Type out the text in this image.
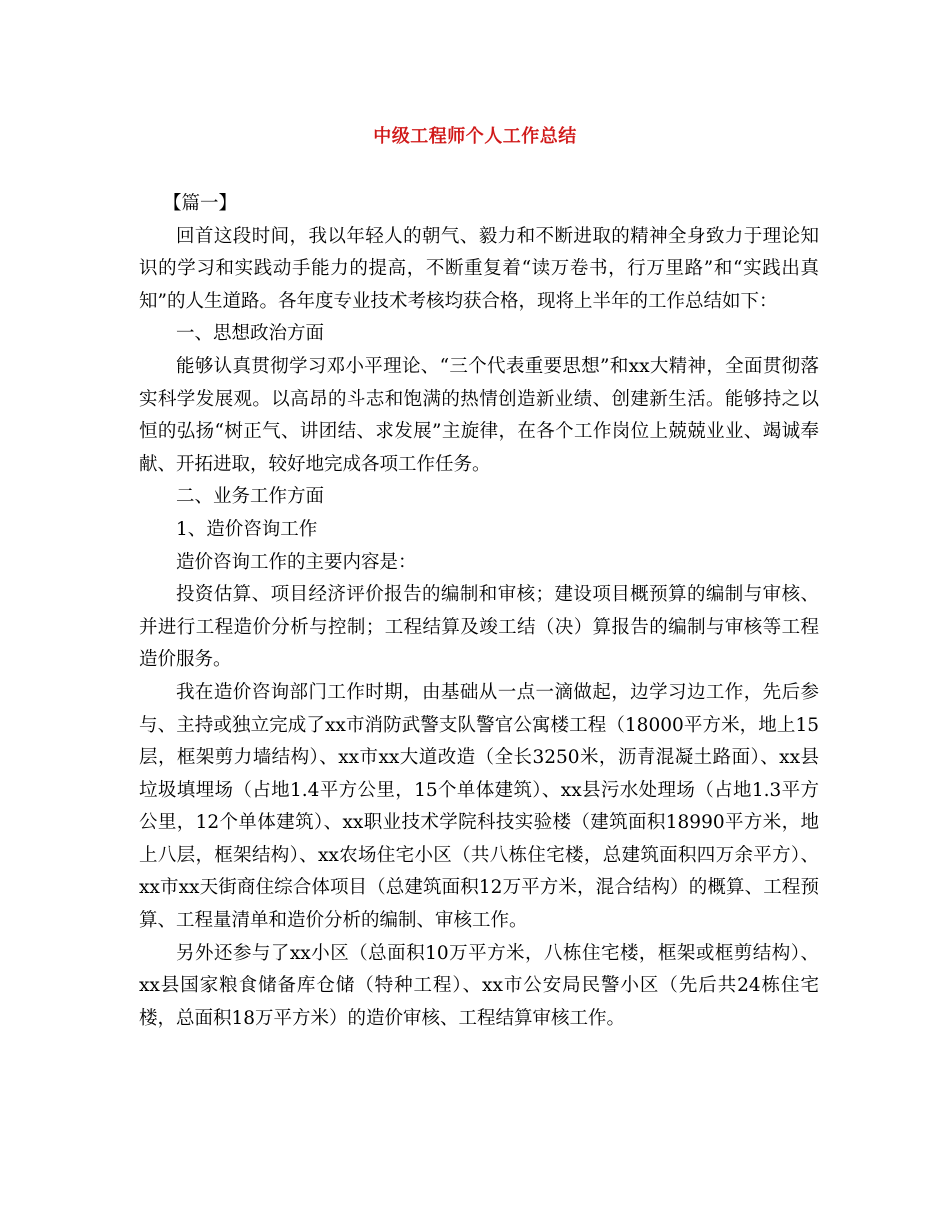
中级工程师个人工作总结

【篇一】

回首这段时间，我以年轻人的朝气、毅力和不断进取的精神全身致力于理论知识的学习和实践动手能力的提高，不断重复着“读万卷书，行万里路”和“实践出真知”的人生道路。各年度专业技术考核均获合格，现将上半年的工作总结如下：

一、思想政治方面

能够认真贯彻学习邓小平理论、“三个代表重要思想”和xx大精神，全面贯彻落实科学发展观。以高昂的斗志和饱满的热情创造新业绩、创建新生活。能够持之以恒的弘扬“树正气、讲团结、求发展”主旋律，在各个工作岗位上兢兢业业、竭诚奉献、开拓进取，较好地完成各项工作任务。

二、业务工作方面

1、造价咨询工作

造价咨询工作的主要内容是：

投资估算、项目经济评价报告的编制和审核；建设项目概预算的编制与审核、并进行工程造价分析与控制；工程结算及竣工结（决）算报告的编制与审核等工程造价服务。

我在造价咨询部门工作时期，由基础从一点一滴做起，边学习边工作，先后参与、主持或独立完成了xx市消防武警支队警官公寓楼工程（18000平方米，地上15层，框架剪力墙结构）、xx市xx大道改造（全长3250米，沥青混凝土路面）、xx县垃圾填埋场（占地1.4平方公里，15个单体建筑）、xx县污水处理场（占地1.3平方公里，12个单体建筑）、xx职业技术学院科技实验楼（建筑面积18990平方米，地上八层，框架结构）、xx农场住宅小区（共八栋住宅楼，总建筑面积四万余平方）、xx市xx天街商住综合体项目（总建筑面积12万平方米，混合结构）的概算、工程预算、工程量清单和造价分析的编制、审核工作。

另外还参与了xx小区（总面积10万平方米，八栋住宅楼，框架或框剪结构）、xx县国家粮食储备库仓储（特种工程）、xx市公安局民警小区（先后共24栋住宅楼，总面积18万平方米）的造价审核、工程结算审核工作。
